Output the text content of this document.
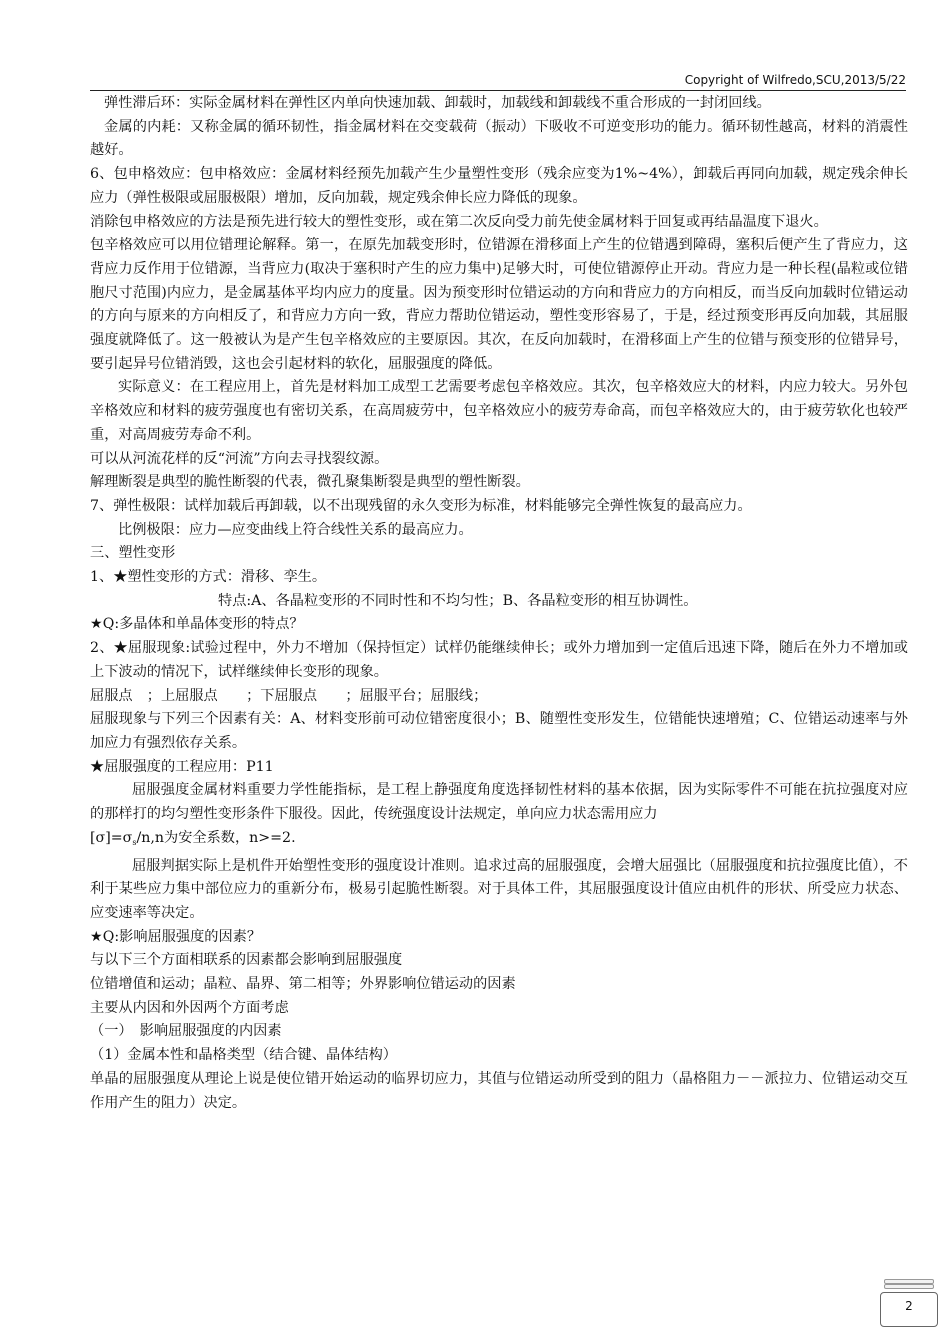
Copyright of Wilfredo,SCU,2013/5/22

弹性滞后环：实际金属材料在弹性区内单向快速加载、卸载时，加载线和卸载线不重合形成的一封闭回线。

金属的内耗：又称金属的循环韧性，指金属材料在交变载荷（振动）下吸收不可逆变形功的能力。循环韧性越高，材料的消震性越好。

6、包申格效应：包申格效应：金属材料经预先加载产生少量塑性变形（残余应变为1%~4%），卸载后再同向加载，规定残余伸长应力（弹性极限或屈服极限）增加，反向加载，规定残余伸长应力降低的现象。

消除包申格效应的方法是预先进行较大的塑性变形，或在第二次反向受力前先使金属材料于回复或再结晶温度下退火。

包辛格效应可以用位错理论解释。第一，在原先加载变形时，位错源在滑移面上产生的位错遇到障碍，塞积后便产生了背应力，这背应力反作用于位错源，当背应力(取决于塞积时产生的应力集中)足够大时，可使位错源停止开动。背应力是一种长程(晶粒或位错胞尺寸范围)内应力，是金属基体平均内应力的度量。因为预变形时位错运动的方向和背应力的方向相反，而当反向加载时位错运动的方向与原来的方向相反了，和背应力方向一致，背应力帮助位错运动，塑性变形容易了，于是，经过预变形再反向加载，其屈服强度就降低了。这一般被认为是产生包辛格效应的主要原因。其次，在反向加载时，在滑移面上产生的位错与预变形的位错异号，要引起异号位错消毁，这也会引起材料的软化，屈服强度的降低。

实际意义：在工程应用上，首先是材料加工成型工艺需要考虑包辛格效应。其次，包辛格效应大的材料，内应力较大。另外包辛格效应和材料的疲劳强度也有密切关系，在高周疲劳中，包辛格效应小的疲劳寿命高，而包辛格效应大的，由于疲劳软化也较严重，对高周疲劳寿命不利。

可以从河流花样的反“河流”方向去寻找裂纹源。

解理断裂是典型的脆性断裂的代表，微孔聚集断裂是典型的塑性断裂。

7、弹性极限：试样加载后再卸载，以不出现残留的永久变形为标准，材料能够完全弹性恢复的最高应力。

比例极限：应力—应变曲线上符合线性关系的最高应力。

三、塑性变形

1、★塑性变形的方式：滑移、孪生。

特点:A、各晶粒变形的不同时性和不均匀性；B、各晶粒变形的相互协调性。

★Q:多晶体和单晶体变形的特点？

2、★屈服现象:试验过程中，外力不增加（保持恒定）试样仍能继续伸长；或外力增加到一定值后迅速下降，随后在外力不增加或上下波动的情况下，试样继续伸长变形的现象。

屈服点　；上屈服点　　；下屈服点　　；屈服平台；屈服线；

屈服现象与下列三个因素有关：A、材料变形前可动位错密度很小；B、随塑性变形发生，位错能快速增殖；C、位错运动速率与外加应力有强烈依存关系。

★屈服强度的工程应用：P11

屈服强度金属材料重要力学性能指标，是工程上静强度角度选择韧性材料的基本依据，因为实际零件不可能在抗拉强度对应的那样打的均匀塑性变形条件下服役。因此，传统强度设计法规定，单向应力状态需用应力

$[\sigma]=\sigma_s/n,n$为安全系数，n>=2.

屈服判据实际上是机件开始塑性变形的强度设计准则。追求过高的屈服强度，会增大屈强比（屈服强度和抗拉强度比值），不利于某些应力集中部位应力的重新分布，极易引起脆性断裂。对于具体工件，其屈服强度设计值应由机件的形状、所受应力状态、应变速率等决定。

★Q:影响屈服强度的因素？

与以下三个方面相联系的因素都会影响到屈服强度

位错增值和运动；晶粒、晶界、第二相等；外界影响位错运动的因素

主要从内因和外因两个方面考虑

（一）　影响屈服强度的内因素

（1）金属本性和晶格类型（结合键、晶体结构）

单晶的屈服强度从理论上说是使位错开始运动的临界切应力，其值与位错运动所受到的阻力（晶格阻力－－派拉力、位错运动交互作用产生的阻力）决定。

2
